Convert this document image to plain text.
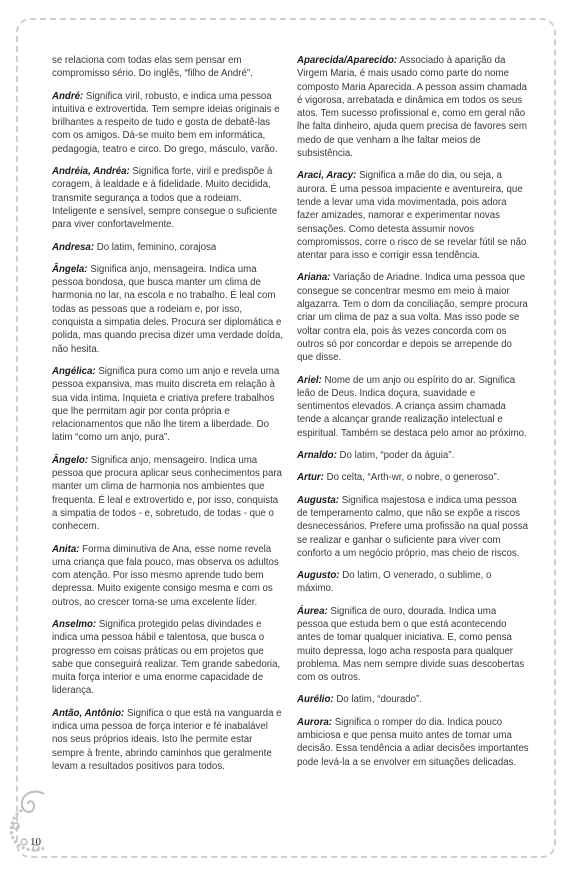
se relaciona com todas elas sem pensar em compromisso sério. Do inglês, “filho de André”.

André: Significa viril, robusto, e indica uma pessoa intuitiva e extrovertida. Tem sempre ideias originais e brilhantes a respeito de tudo e gosta de debatê-las com os amigos. Dá-se muito bem em informática, pedagogia, teatro e circo. Do grego, másculo, varão.

Andréia, Andréa: Significa forte, viril e predispõe à coragem, à lealdade e à fidelidade. Muito decidida, transmite segurança a todos que a rodeiam. Inteligente e sensível, sempre consegue o suficiente para viver confortavelmente.

Andresa: Do latim, feminino, corajosa

Ângela: Significa anjo, mensageira. Indica uma pessoa bondosa, que busca manter um clima de harmonia no lar, na escola e no trabalho. É leal com todas as pessoas que a rodeiam e, por isso, conquista a simpatia deles. Procura ser diplomática e polida, mas quando precisa dizer uma verdade doída, não hesita.

Angélica: Significa pura como um anjo e revela uma pessoa expansiva, mas muito discreta em relação à sua vida íntima. Inquieta e criativa prefere trabalhos que lhe permitam agir por conta própria e relacionamentos que não lhe tirem a liberdade. Do latim “como um anjo, pura”.

Ângelo: Significa anjo, mensageiro. Indica uma pessoa que procura aplicar seus conhecimentos para manter um clima de harmonia nos ambientes que frequenta. É leal e extrovertido e, por isso, conquista a simpatia de todos - e, sobretudo, de todas - que o conhecem.

Anita: Forma diminutiva de Ana, esse nome revela uma criança que fala pouco, mas observa os adultos com atenção. Por isso mesmo aprende tudo bem depressa. Muito exigente consigo mesma e com os outros, ao crescer torna-se uma excelente líder.

Anselmo: Significa protegido pelas divindades e indica uma pessoa hábil e talentosa, que busca o progresso em coisas práticas ou em projetos que sabe que conseguirá realizar. Tem grande sabedoria, muita força interior e uma enorme capacidade de liderança.

Antão, Antônio: Significa o que está na vanguarda e indica uma pessoa de força interior e fé inabalável nos seus próprios ideais. Isto lhe permite estar sempre à frente, abrindo caminhos que geralmente levam a resultados positivos para todos.

Aparecida/Aparecido: Associado à aparição da Virgem Maria, é mais usado como parte do nome composto Maria Aparecida. A pessoa assim chamada é vigorosa, arrebatada e dinâmica em todos os seus atos. Tem sucesso profissional e, como em geral não lhe falta dinheiro, ajuda quem precisa de favores sem medo de que venham a lhe faltar meios de subsistência.

Araci, Aracy: Significa a mãe do dia, ou seja, a aurora. É uma pessoa impaciente e aventureira, que tende a levar uma vida movimentada, pois adora fazer amizades, namorar e experimentar novas sensações. Como detesta assumir novos compromissos, corre o risco de se revelar fútil se não atentar para isso e corrigir essa tendência.

Ariana: Variação de Ariadne. Indica uma pessoa que consegue se concentrar mesmo em meio à maior algazarra. Tem o dom da conciliação, sempre procura criar um clima de paz a sua volta. Mas isso pode se voltar contra ela, pois às vezes concorda com os outros só por concordar e depois se arrepende do que disse.

Ariel: Nome de um anjo ou espírito do ar. Significa leão de Deus. Indica doçura, suavidade e sentimentos elevados. A criança assim chamada tende a alcançar grande realização intelectual e espiritual. Também se destaca pelo amor ao próximo.

Arnaldo: Do latim, “poder da águia”.

Artur: Do celta, “Arth-wr, o nobre, o generoso”.

Augusta: Significa majestosa e indica uma pessoa de temperamento calmo, que não se expõe a riscos desnecessários. Prefere uma profissão na qual possa se realizar e ganhar o suficiente para viver com conforto a um negócio próprio, mas cheio de riscos.

Augusto: Do latim, O venerado, o sublime, o máximo.

Áurea: Significa de ouro, dourada. Indica uma pessoa que estuda bem o que está acontecendo antes de tomar qualquer iniciativa. E, como pensa muito depressa, logo acha resposta para qualquer problema. Mas nem sempre divide suas descobertas com os outros.

Aurélio: Do latim, “dourado”.

Aurora: Significa o romper do dia. Indica pouco ambiciosa e que pensa muito antes de tomar uma decisão. Essa tendência a adiar decisões importantes pode levá-la a se envolver em situações delicadas.

10
